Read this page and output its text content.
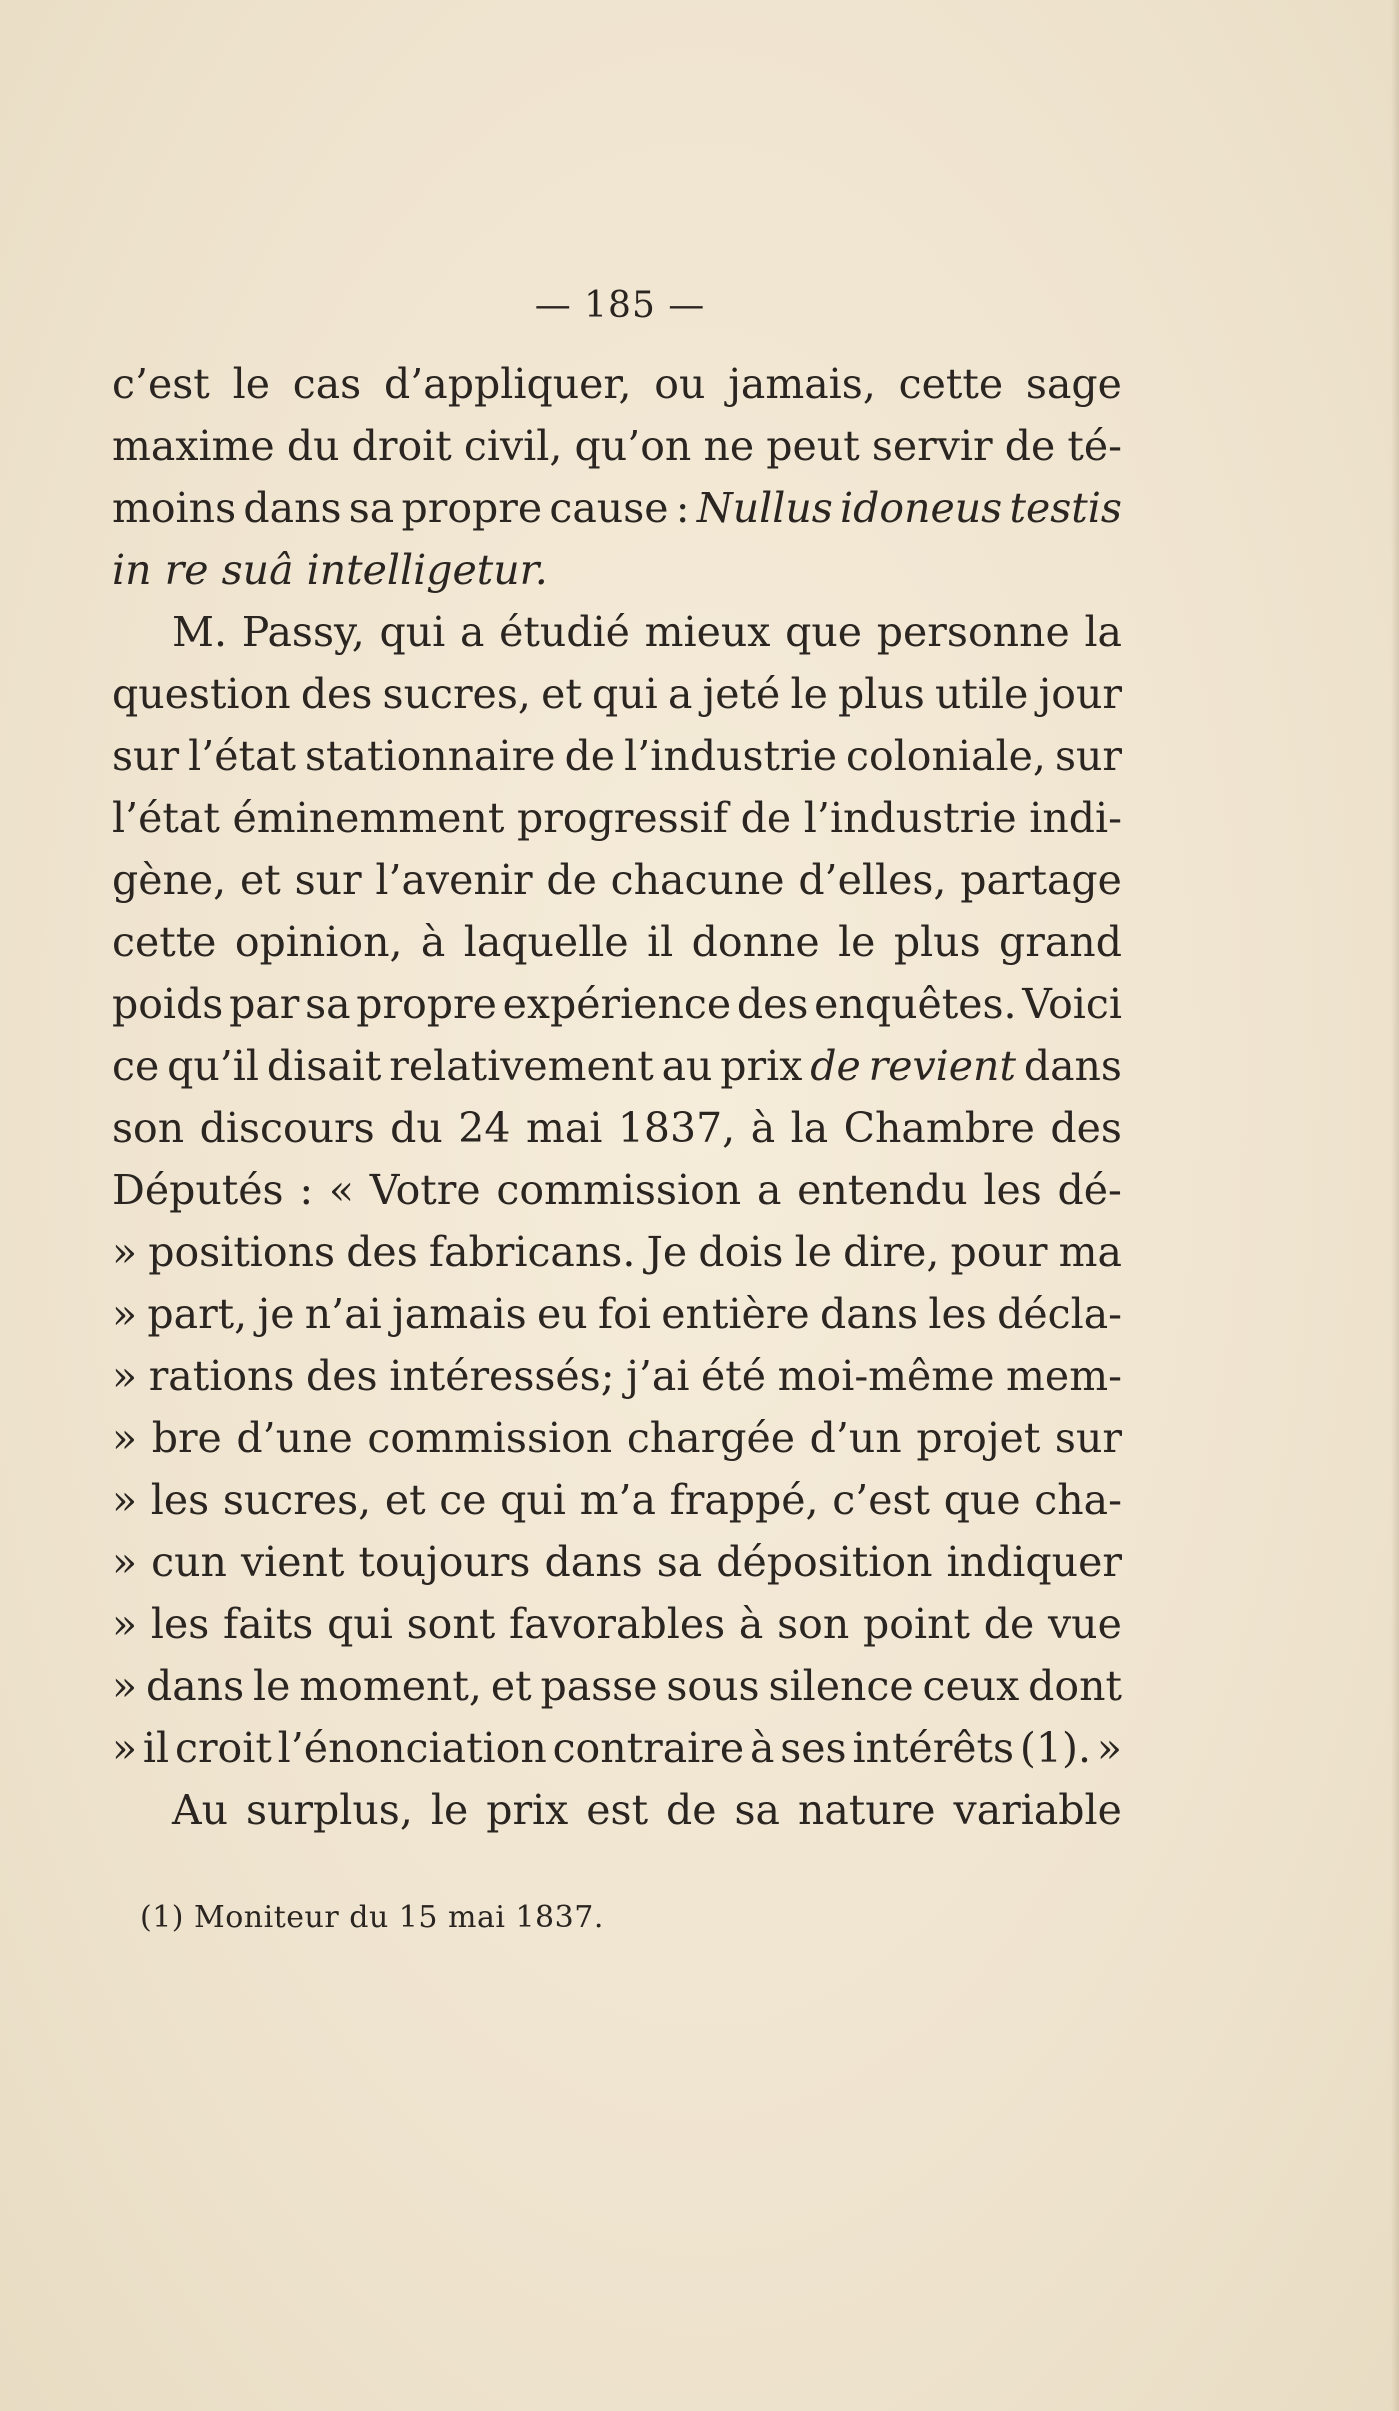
— 185 —
c’est le cas d’appliquer, ou jamais, cette sage
maxime du droit civil, qu’on ne peut servir de té-
moins dans sa propre cause : Nullus idoneus testis
in re suâ intelligetur.
M. Passy, qui a étudié mieux que personne la
question des sucres, et qui a jeté le plus utile jour
sur l’état stationnaire de l’industrie coloniale, sur
l’état éminemment progressif de l’industrie indi-
gène, et sur l’avenir de chacune d’elles, partage
cette opinion, à laquelle il donne le plus grand
poids par sa propre expérience des enquêtes. Voici
ce qu’il disait relativement au prix de revient dans
son discours du 24 mai 1837, à la Chambre des
Députés : « Votre commission a entendu les dé-
» positions des fabricans. Je dois le dire, pour ma
» part, je n’ai jamais eu foi entière dans les décla-
» rations des intéressés; j’ai été moi-même mem-
» bre d’une commission chargée d’un projet sur
» les sucres, et ce qui m’a frappé, c’est que cha-
» cun vient toujours dans sa déposition indiquer
» les faits qui sont favorables à son point de vue
» dans le moment, et passe sous silence ceux dont
» il croit l’énonciation contraire à ses intérêts (1). »
Au surplus, le prix est de sa nature variable
(1) Moniteur du 15 mai 1837.
